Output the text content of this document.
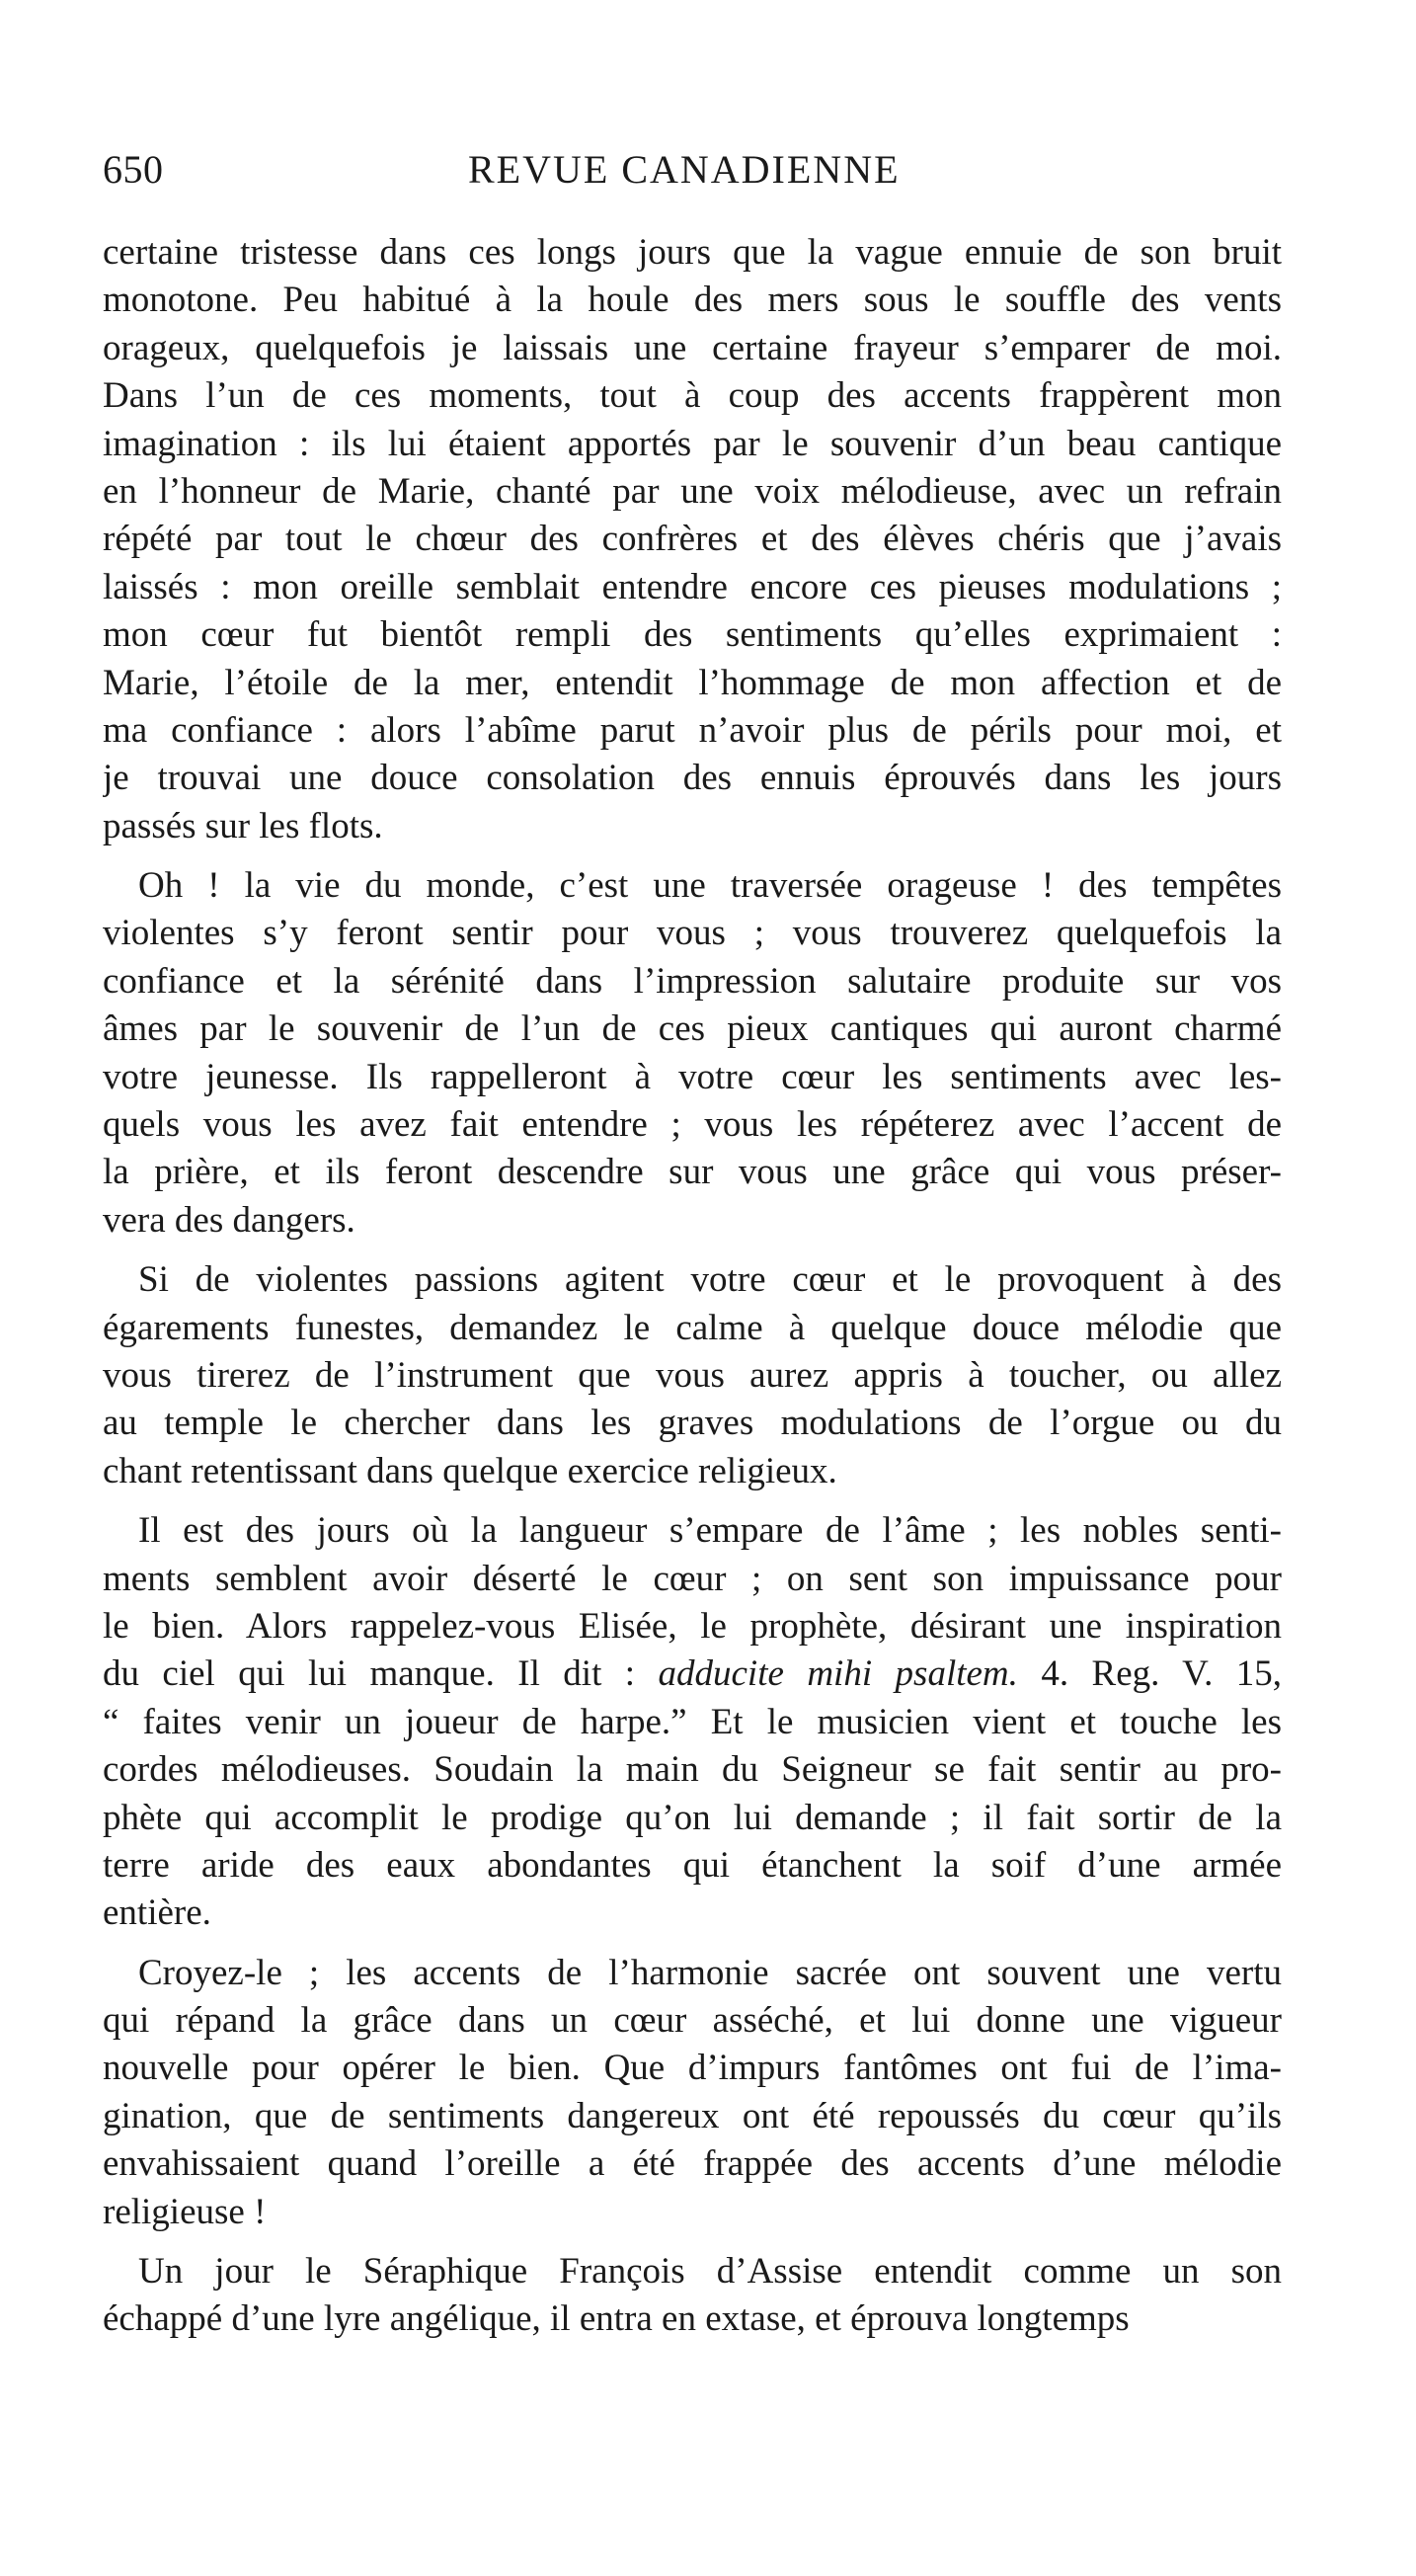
650	REVUE CANADIENNE
certaine tristesse dans ces longs jours que la vague ennuie de son bruit
monotone. Peu habitué à la houle des mers sous le souffle des vents
orageux, quelquefois je laissais une certaine frayeur s’emparer de moi.
Dans l’un de ces moments, tout à coup des accents frappèrent mon
imagination : ils lui étaient apportés par le souvenir d’un beau cantique
en l’honneur de Marie, chanté par une voix mélodieuse, avec un refrain
répété par tout le chœur des confrères et des élèves chéris que j’avais
laissés : mon oreille semblait entendre encore ces pieuses modulations ;
mon cœur fut bientôt rempli des sentiments qu’elles exprimaient :
Marie, l’étoile de la mer, entendit l’hommage de mon affection et de
ma confiance : alors l’abîme parut n’avoir plus de périls pour moi, et
je trouvai une douce consolation des ennuis éprouvés dans les jours
passés sur les flots.
Oh ! la vie du monde, c’est une traversée orageuse ! des tempêtes
violentes s’y feront sentir pour vous ; vous trouverez quelquefois la
confiance et la sérénité dans l’impression salutaire produite sur vos
âmes par le souvenir de l’un de ces pieux cantiques qui auront charmé
votre jeunesse. Ils rappelleront à votre cœur les sentiments avec les-
quels vous les avez fait entendre ; vous les répéterez avec l’accent de
la prière, et ils feront descendre sur vous une grâce qui vous préser-
vera des dangers.
Si de violentes passions agitent votre cœur et le provoquent à des
égarements funestes, demandez le calme à quelque douce mélodie que
vous tirerez de l’instrument que vous aurez appris à toucher, ou allez
au temple le chercher dans les graves modulations de l’orgue ou du
chant retentissant dans quelque exercice religieux.
Il est des jours où la langueur s’empare de l’âme ; les nobles senti-
ments semblent avoir déserté le cœur ; on sent son impuissance pour
le bien. Alors rappelez-vous Elisée, le prophète, désirant une inspiration
du ciel qui lui manque. Il dit : adducite mihi psaltem. 4. Reg. V. 15,
“ faites venir un joueur de harpe.” Et le musicien vient et touche les
cordes mélodieuses. Soudain la main du Seigneur se fait sentir au pro-
phète qui accomplit le prodige qu’on lui demande ; il fait sortir de la
terre aride des eaux abondantes qui étanchent la soif d’une armée
entière.
Croyez-le ; les accents de l’harmonie sacrée ont souvent une vertu
qui répand la grâce dans un cœur asséché, et lui donne une vigueur
nouvelle pour opérer le bien. Que d’impurs fantômes ont fui de l’ima-
gination, que de sentiments dangereux ont été repoussés du cœur qu’ils
envahissaient quand l’oreille a été frappée des accents d’une mélodie
religieuse !
Un jour le Séraphique François d’Assise entendit comme un son
échappé d’une lyre angélique, il entra en extase, et éprouva longtemps
